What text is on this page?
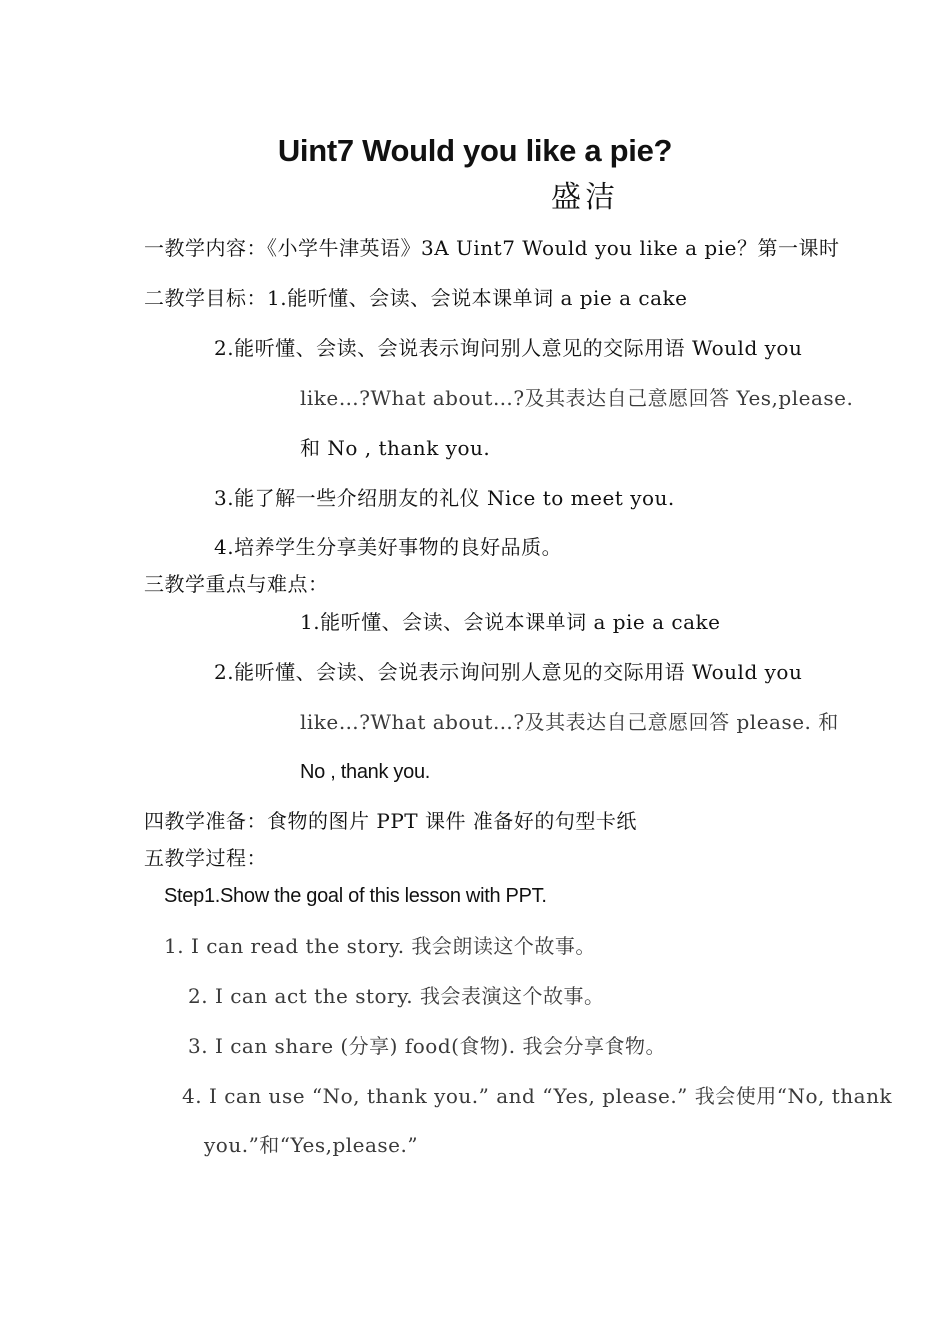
Uint7 Would you like a pie?
盛洁
一教学内容：《小学牛津英语》3A Uint7 Would you like a pie？第一课时
二教学目标：1.能听懂、会读、会说本课单词 a pie a cake
2.能听懂、会读、会说表示询问别人意见的交际用语 Would you
like…?What about…?及其表达自己意愿回答 Yes,please.
和 No , thank you.
3.能了解一些介绍朋友的礼仪 Nice to meet you.
4.培养学生分享美好事物的良好品质。
三教学重点与难点：
1.能听懂、会读、会说本课单词 a pie a cake
2.能听懂、会读、会说表示询问别人意见的交际用语 Would you
like…?What about…?及其表达自己意愿回答 please. 和
No , thank you.
四教学准备：食物的图片 PPT 课件 准备好的句型卡纸
五教学过程：
Step1.Show the goal of this lesson with PPT.
1. I can read the story. 我会朗读这个故事。
2. I can act the story. 我会表演这个故事。
3. I can share (分享) food(食物). 我会分享食物。
4. I can use “No, thank you.” and “Yes, please.” 我会使用“No, thank
you.”和“Yes,please.”
